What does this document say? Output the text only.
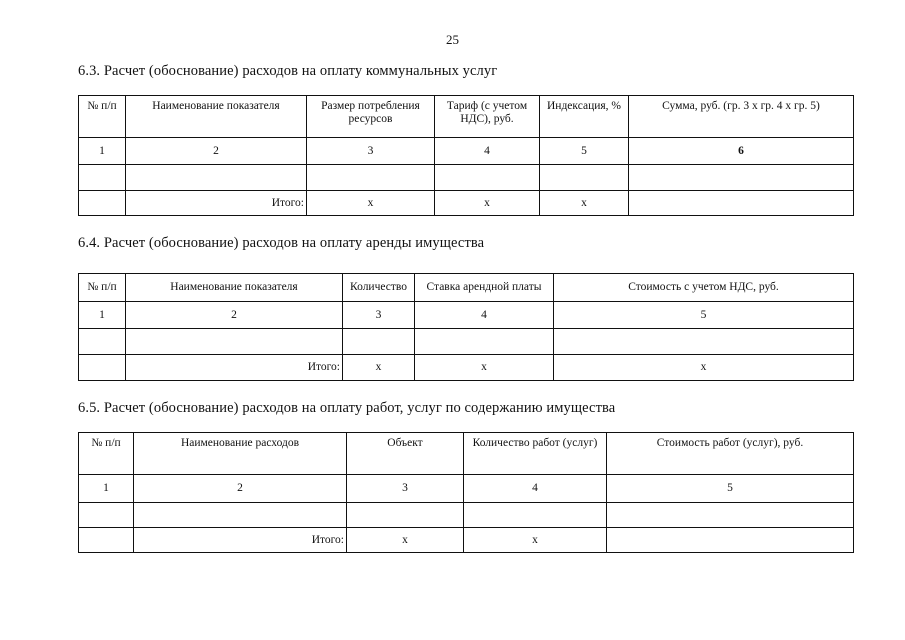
25
6.3. Расчет (обоснование) расходов на оплату коммунальных услуг
№ п/п	Наименование показателя	Размер потребления ресурсов	Тариф (с учетом НДС), руб.	Индексация, %	Сумма, руб. (гр. 3 х гр. 4 х гр. 5)
1	2	3	4	5	6

	Итого:	х	х	х	
6.4. Расчет (обоснование) расходов на оплату аренды имущества
№ п/п	Наименование показателя	Количество	Ставка арендной платы	Стоимость с учетом НДС, руб.
1	2	3	4	5

	Итого:	х	х	х
6.5. Расчет (обоснование) расходов на оплату работ, услуг по содержанию имущества
№ п/п	Наименование расходов	Объект	Количество работ (услуг)	Стоимость работ (услуг), руб.
1	2	3	4	5

	Итого:	х	х	
